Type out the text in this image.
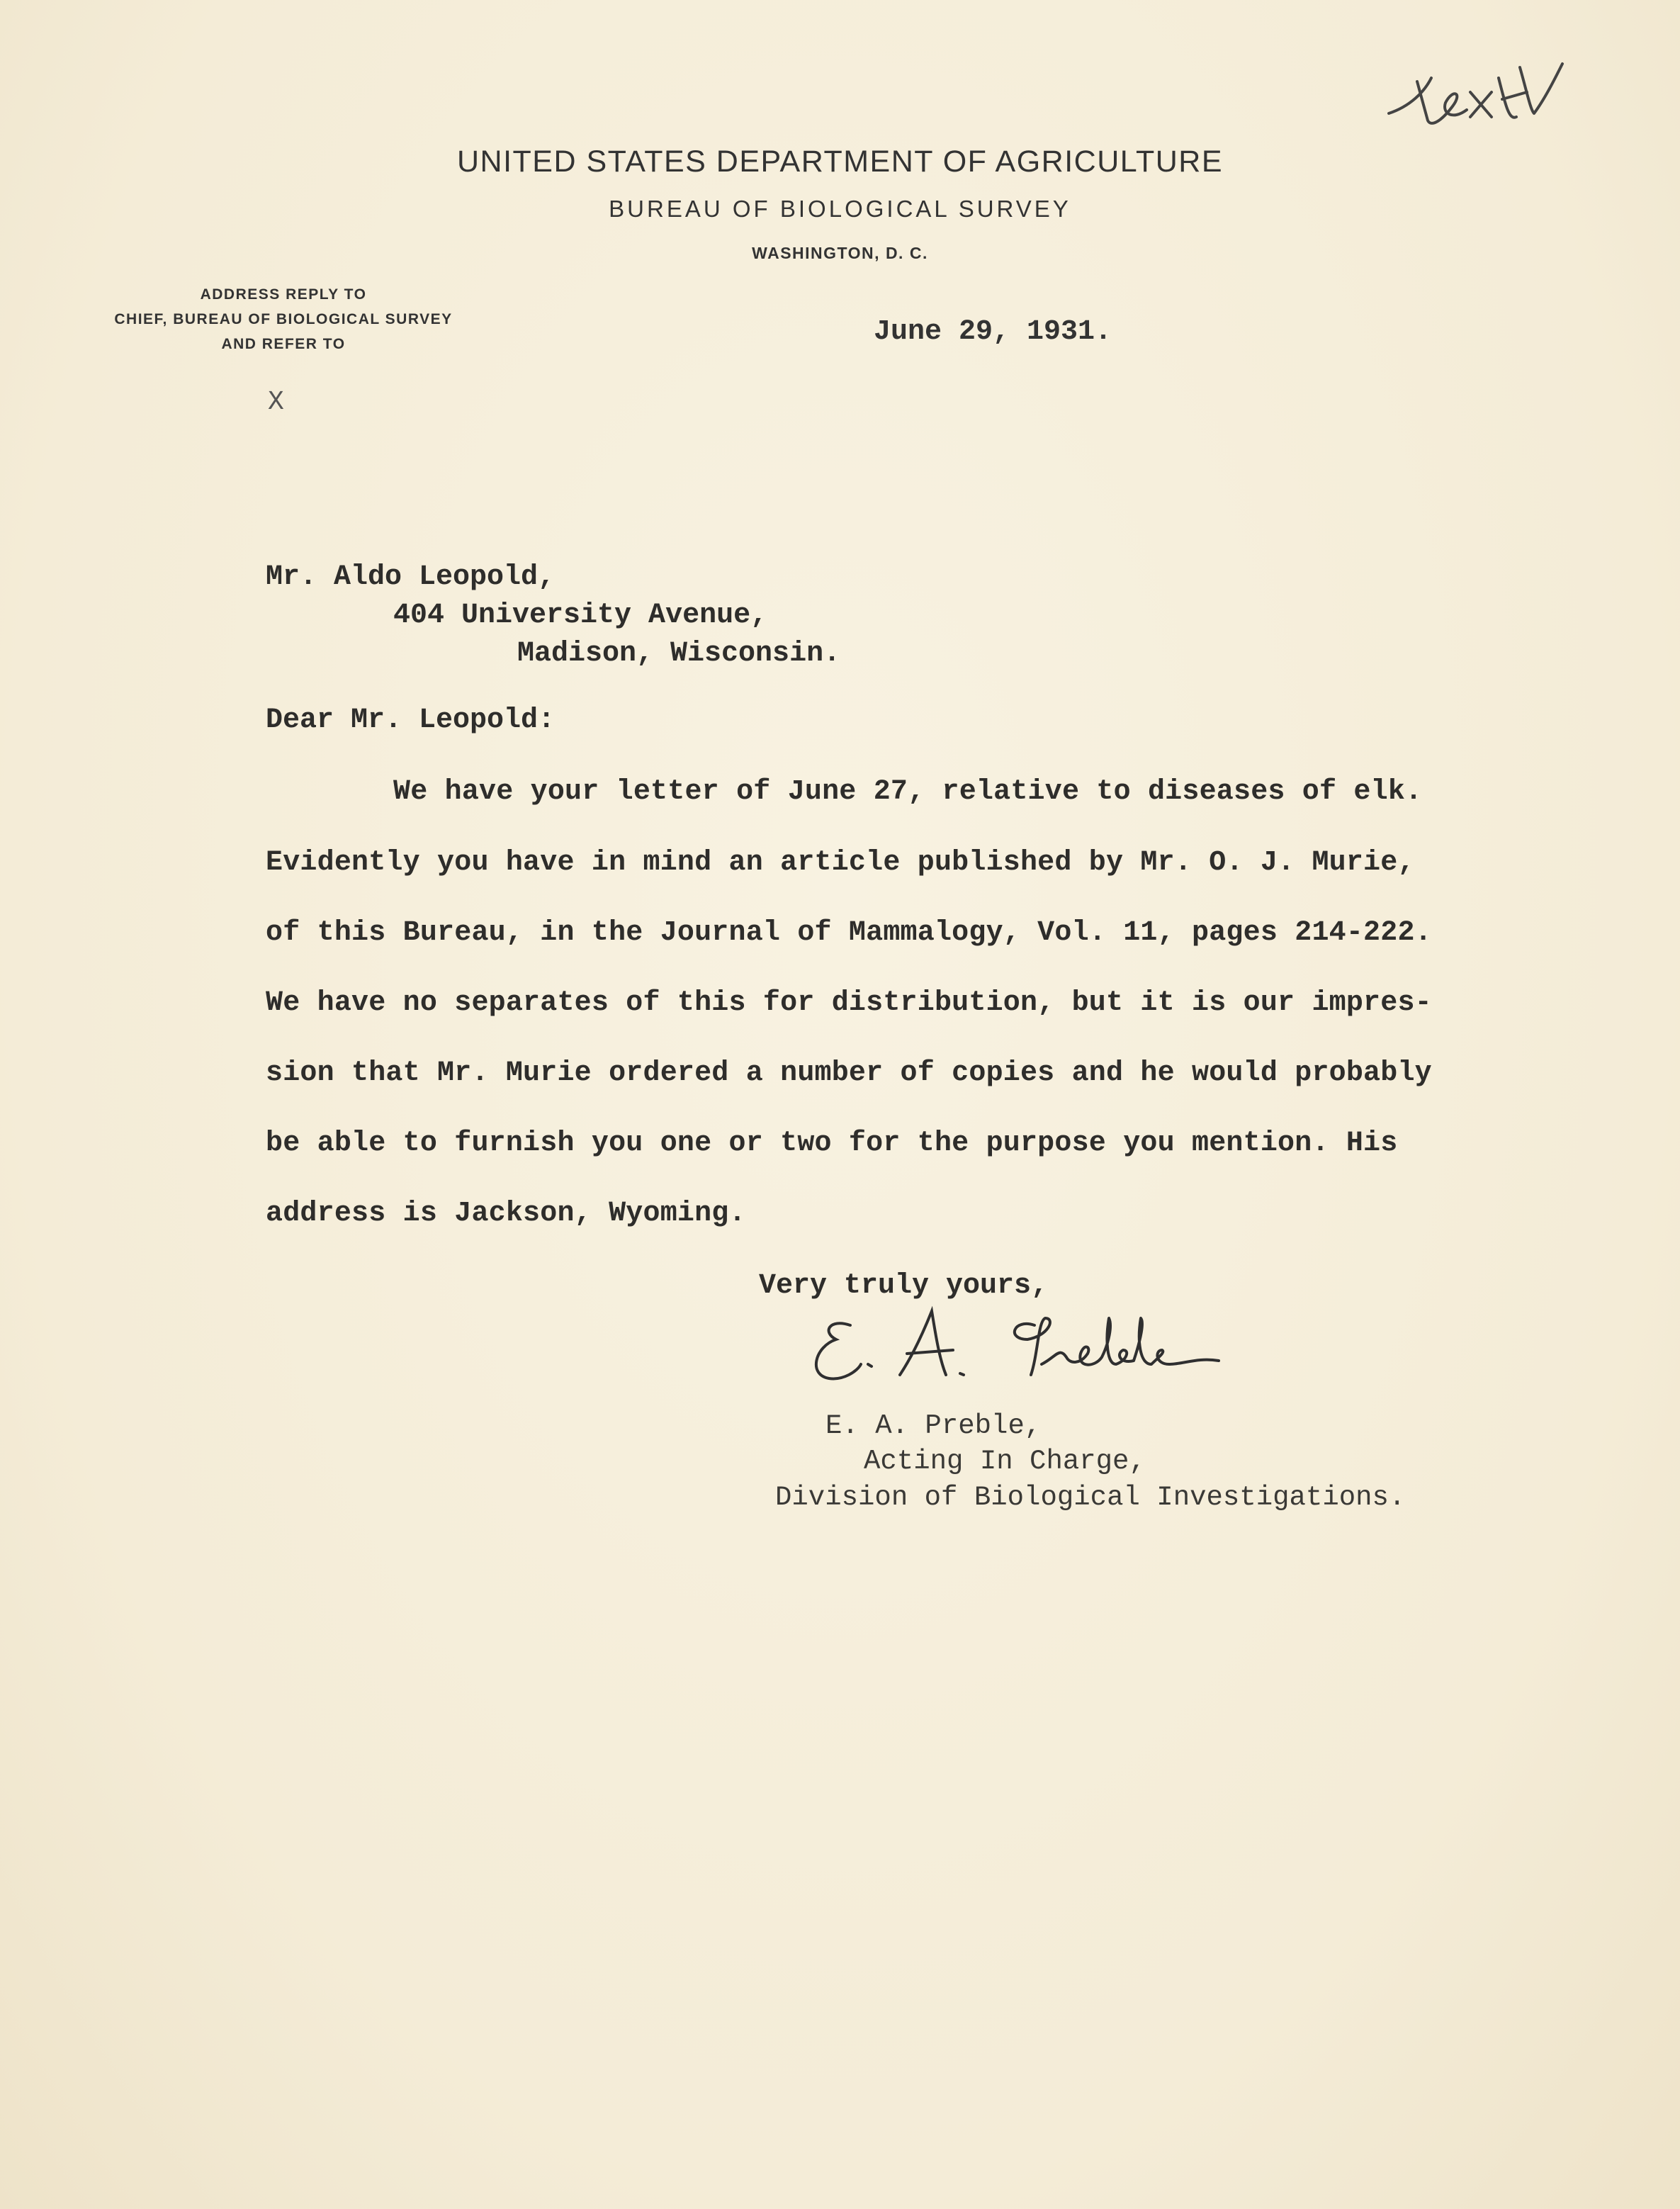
UNITED STATES DEPARTMENT OF AGRICULTURE
BUREAU OF BIOLOGICAL SURVEY
WASHINGTON, D. C.
ADDRESS REPLY TO
CHIEF, BUREAU OF BIOLOGICAL SURVEY
AND REFER TO	June 29, 1931.
X
Mr. Aldo Leopold,
404 University Avenue,
Madison, Wisconsin.
Dear Mr. Leopold:
We have your letter of June 27, relative to diseases of elk.
Evidently you have in mind an article published by Mr. O. J. Murie,
of this Bureau, in the Journal of Mammalogy, Vol. 11, pages 214-222.
We have no separates of this for distribution, but it is our impres-
sion that Mr. Murie ordered a number of copies and he would probably
be able to furnish you one or two for the purpose you mention. His
address is Jackson, Wyoming.
Very truly yours,
E. A. Preble,
Acting In Charge,
Division of Biological Investigations.
